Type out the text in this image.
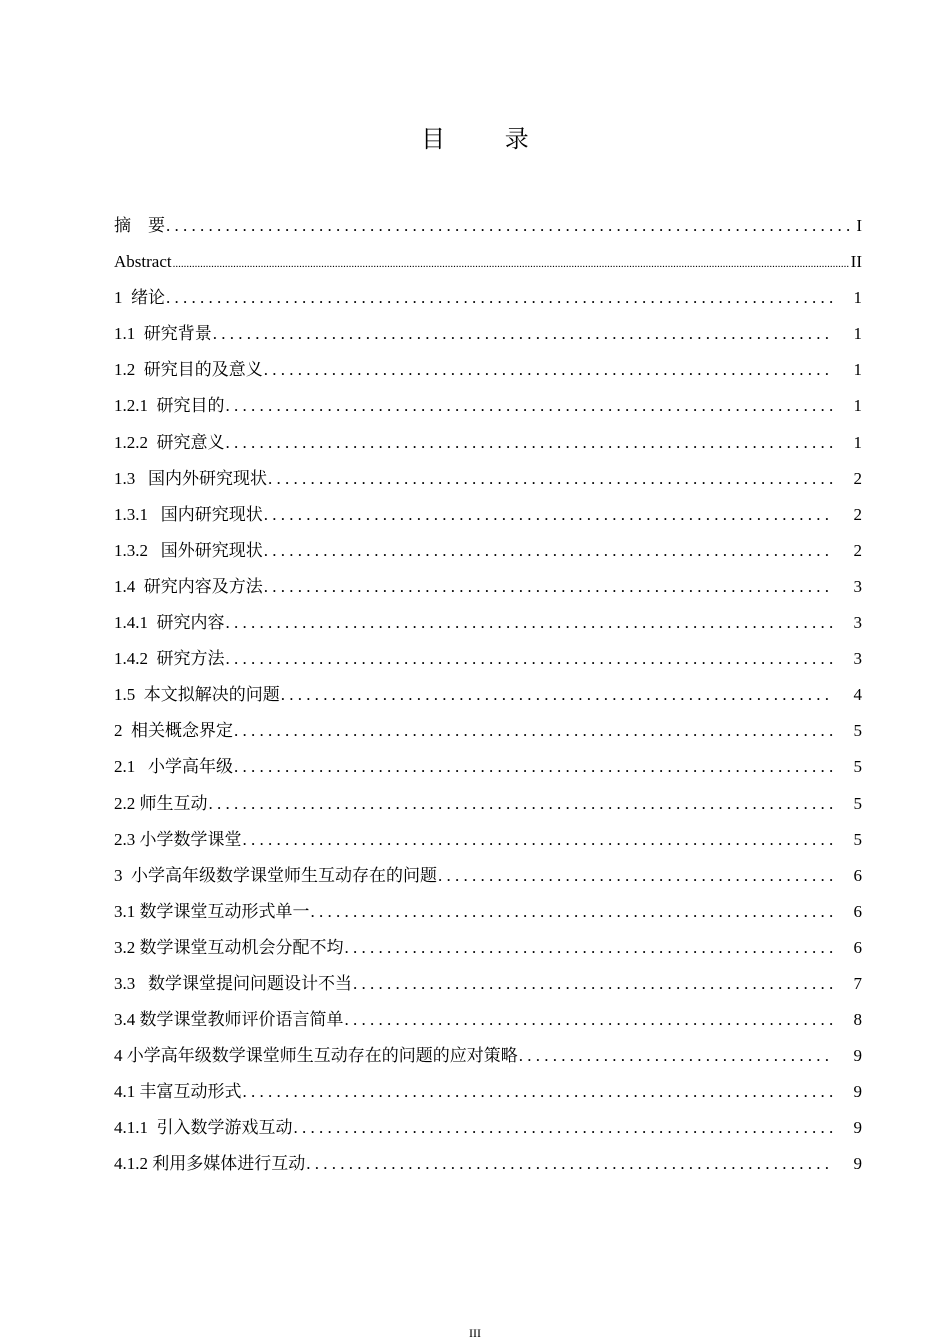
目 录
摘    要 . . .	I
Abstract .....	II
1  绪论 . . .	1
1.1  研究背景 . . .	1
1.2  研究目的及意义 . . .	1
1.2.1  研究目的 . . .	1
1.2.2  研究意义 . . .	1
1.3   国内外研究现状 . . .	2
1.3.1   国内研究现状 . . .	2
1.3.2   国外研究现状 . . .	2
1.4  研究内容及方法 . . .	3
1.4.1  研究内容 . . .	3
1.4.2  研究方法 . . .	3
1.5  本文拟解决的问题 . . .	4
2  相关概念界定 . . .	5
2.1   小学高年级 . . .	5
2.2 师生互动 . . .	5
2.3 小学数学课堂 . . .	5
3  小学高年级数学课堂师生互动存在的问题 . . .	6
3.1 数学课堂互动形式单一 . . .	6
3.2 数学课堂互动机会分配不均 . . .	6
3.3   数学课堂提问问题设计不当 . . .	7
3.4 数学课堂教师评价语言简单 . . .	8
4 小学高年级数学课堂师生互动存在的问题的应对策略 . . .	9
4.1 丰富互动形式 . . .	9
4.1.1  引入数学游戏互动 . . .	9
4.1.2 利用多媒体进行互动 . . .	9
III
